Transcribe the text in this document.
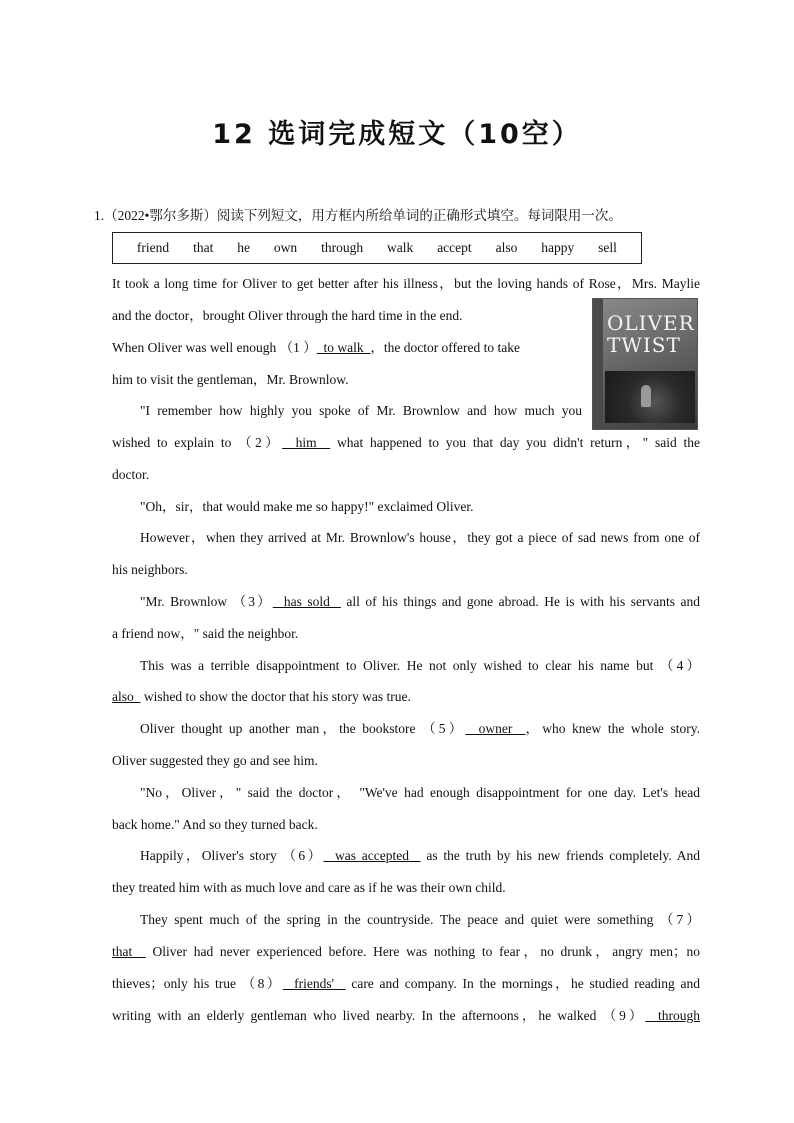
12 选词完成短文（10空）
1.（2022•鄂尔多斯）阅读下列短文，用方框内所给单词的正确形式填空。每词限用一次。
friend that he own through walk accept also happy sell
OLIVER
TWIST
It took a long time for Oliver to get better after his illness，but the loving hands of Rose，Mrs. Maylie
and the doctor，brought Oliver through the hard time in the end.
When Oliver was well enough （1 ）  to walk  ，the doctor offered to take
him to visit the gentleman，Mr. Brownlow.
"I remember how highly you spoke of Mr. Brownlow and how much you
wished to explain to （2）  him   what happened to you that day you didn't return，" said the
doctor.
"Oh，sir，that would make me so happy!" exclaimed Oliver.
However，when they arrived at Mr. Brownlow's house，they got a piece of sad news from one of
his neighbors.
"Mr. Brownlow （3）  has sold   all of his things and gone abroad. He is with his servants and
a friend now，" said the neighbor.
This was a terrible disappointment to Oliver. He not only wished to clear his name but （4）
also   wished to show the doctor that his story was true.
Oliver thought up another man，the bookstore （5）  owner  ，who knew the whole story.
Oliver suggested they go and see him.
"No，Oliver，" said the doctor， "We've had enough disappointment for one day. Let's head
back home." And so they turned back.
Happily，Oliver's story （6）  was accepted   as the truth by his new friends completely. And
they treated him with as much love and care as if he was their own child.
They spent much of the spring in the countryside. The peace and quiet were something （7）
that   Oliver had never experienced before. Here was nothing to fear，no drunk，angry men；no
thieves；only his true （8）  friends'   care and company. In the mornings，he studied reading and
writing with an elderly gentleman who lived nearby. In the afternoons，he walked （9）  through
